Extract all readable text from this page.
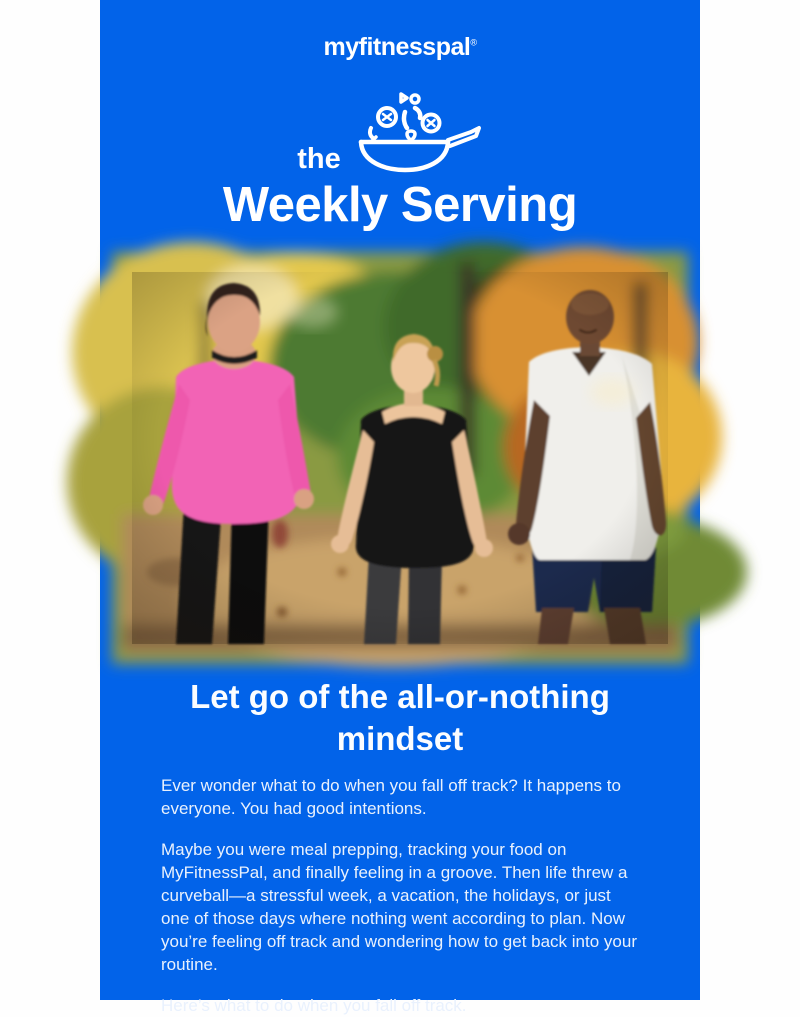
myfitnesspal®
the
Weekly Serving
Let go of the all-or-nothing mindset

Ever wonder what to do when you fall off track? It happens to everyone. You had good intentions.

Maybe you were meal prepping, tracking your food on MyFitnessPal, and finally feeling in a groove. Then life threw a curveball—a stressful week, a vacation, the holidays, or just one of those days where nothing went according to plan. Now you’re feeling off track and wondering how to get back into your routine.

Here’s what to do when you fall off track.
